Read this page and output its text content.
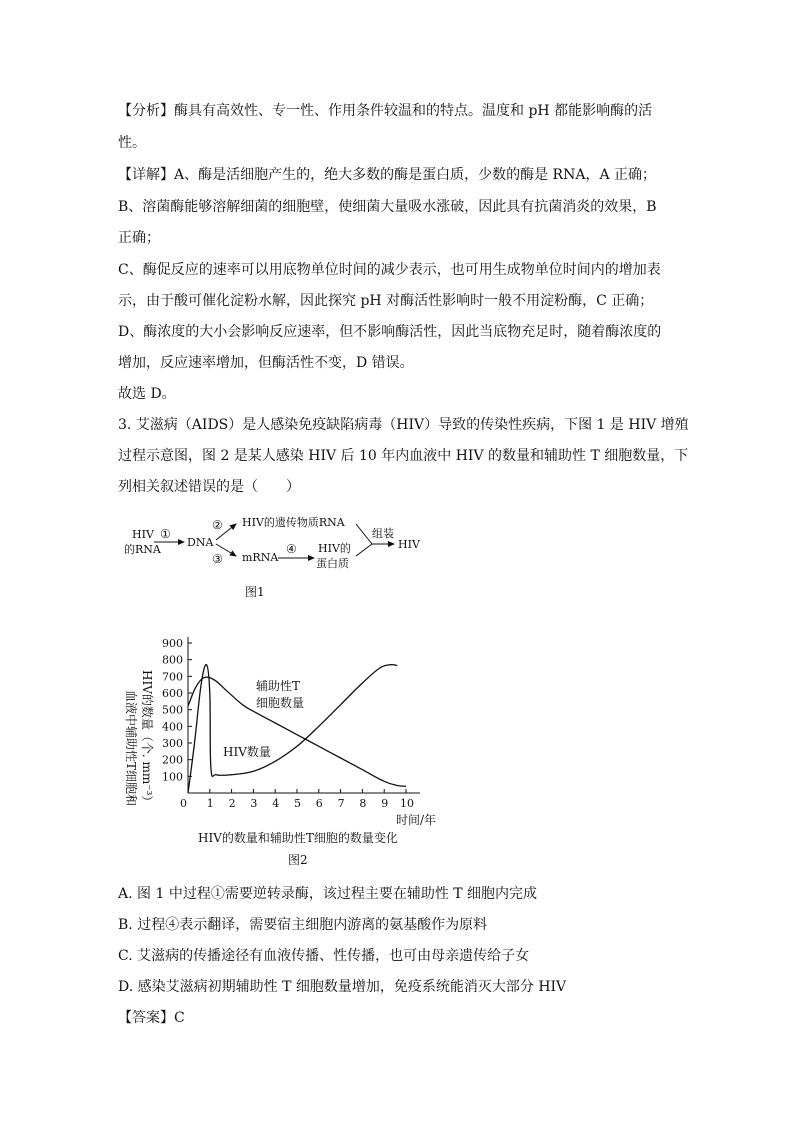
【分析】酶具有高效性、专一性、作用条件较温和的特点。温度和 pH 都能影响酶的活
性。
【详解】A、酶是活细胞产生的，绝大多数的酶是蛋白质，少数的酶是 RNA，A 正确；
B、溶菌酶能够溶解细菌的细胞壁，使细菌大量吸水涨破，因此具有抗菌消炎的效果，B
正确；
C、酶促反应的速率可以用底物单位时间的减少表示，也可用生成物单位时间内的增加表
示，由于酸可催化淀粉水解，因此探究 pH 对酶活性影响时一般不用淀粉酶，C 正确；
D、酶浓度的大小会影响反应速率，但不影响酶活性，因此当底物充足时，随着酶浓度的
增加，反应速率增加，但酶活性不变，D 错误。
故选 D。
3. 艾滋病（AIDS）是人感染免疫缺陷病毒（HIV）导致的传染性疾病，下图 1 是 HIV 增殖
过程示意图，图 2 是某人感染 HIV 后 10 年内血液中 HIV 的数量和辅助性 T 细胞数量，下
列相关叙述错误的是（　　）
HIV
的RNA
①
DNA
②
③
HIV的遗传物质RNA
mRNA
④ HIV的
蛋白质
组装
HIV
图1
血液中辅助性T细胞和 HIV的数量（个. mm⁻³） 0 1 2 3 4 5 6 7 8 9 10
100
200
300
400
500
600
700
800
900
辅助性T
细胞数量
HIV数量
时间/年
HIV的数量和辅助性T细胞的数量变化
图2
A. 图 1 中过程①需要逆转录酶，该过程主要在辅助性 T 细胞内完成
B. 过程④表示翻译，需要宿主细胞内游离的氨基酸作为原料
C. 艾滋病的传播途径有血液传播、性传播，也可由母亲遗传给子女
D. 感染艾滋病初期辅助性 T 细胞数量增加，免疫系统能消灭大部分 HIV
【答案】C
